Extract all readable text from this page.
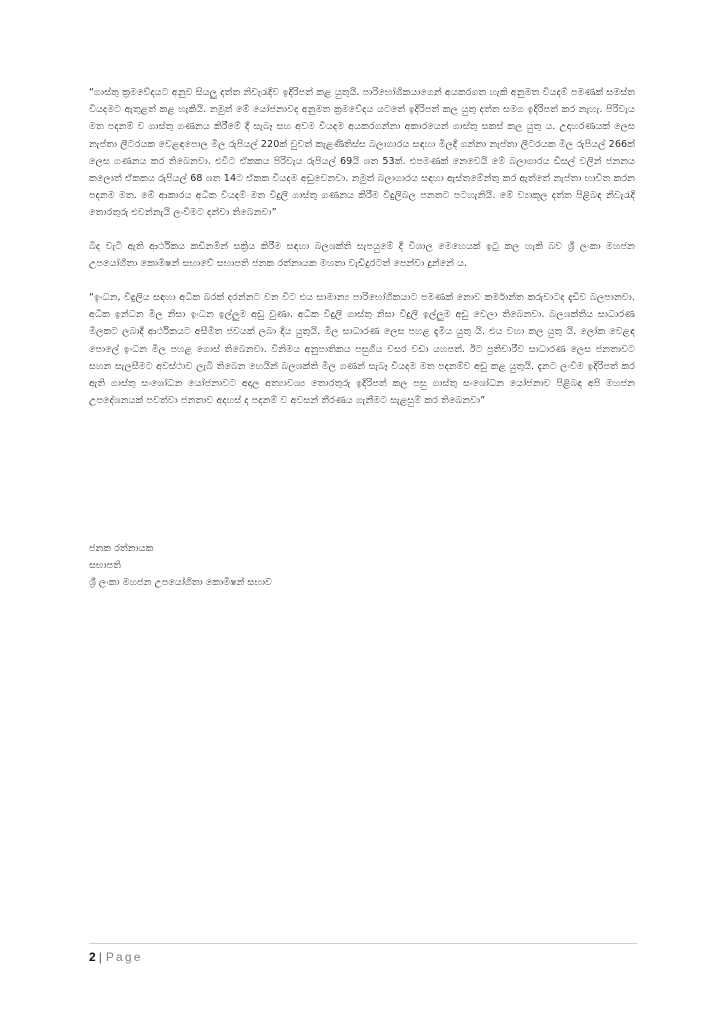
“ගාස්තු ක්‍රමවේදයට අනුව සියලු දත්ත නිවැරැදිව ඉදිරිපත් කළ යුතුයි. පාරිභෝගිකයාගෙන් අයකරගත හැකි අනුමත වියදම් පමණක් සමස්ත වියදමට ඇතුළත් කළ හැකියි. නමුත් මේ යෝජනාවද අනුමත ක්‍රමවේදය යටතේ ඉදිරිපත් කල යුතු දත්ත සමග ඉදිරිපත් කර නැහැ. පිරිවැය මත පදනම් ව ගාස්තු ගණනය කිරීමේ දී සැබෑ සහ අවම වියදම අයකරගන්නා අකාරයෙන් ගාස්තු සකස් කල යුතු ය. උදාහරණයක් ලෙස නැප්තා ලීටරයක වෙළඳපොල මිල රුපියල් 220ක් වුවත් කැළණිතිස්ස බලාගාරය සඳහා මිලදී ගන්නා නැප්තා ලීටරයක මිල රුපියල් 266ක් ලෙස ගණනය කර තිබෙනවා. එවිට ඒකකය පිරිවැය රුපියල් 69යි ශත 53ක්. එපමණක් නෙවෙයි මේ බලාගාරය ඩීසල් වලින් ජනනය කලොත් ඒකකය රුපියල් 68 ශත 14ට ඒකක වියදම අඩුවෙනවා. නමුත් බලාගාරය සඳහා ඇස්තමේන්තු කර ඇත්තේ නැප්තා භාවිත කරන පදනම මත. මේ ආකාරය අධික වියදම් මත විදුලි ගාස්තු ගණනය කිරීම විදුලිබල පනතට පටහැනියි. මේ ව්‍යාකූල දත්ත පිළිබඳ නිවැරැදි තොරතුරු එවන්නැයි ලංවිමට දන්වා තිබෙනවා”

බිද වැටී ඇති ආර්ථිකය කඩිනමින් සක්‍රිය කිරීම සඳහා බලශක්ති සැපයුමේ දී විශාල මෙහෙයක් ඉටු කල හැකි බව ශ්‍රී ලංකා මහජන උපයෝගිතා කොමිෂන් සභාවේ සභාපති ජනක රත්නායක මහතා වැඩිදුරටත් පෙන්වා දුන්නේ ය.

“ඉංධන, විදුලිය සඳහා අධික බරක් දරන්නට වන විට එය සාමාන්‍ය පාරිභෝගිකයාට පමණක් නොව කර්මාන්ත කරුවාටද දැඩිව බලපානවා. අධික ඉන්ධන මිල නිසා ඉංධන ඉල්ලුම අඩු වුණා. අධික විදුලි ගාස්තු නිසා විදුලි ඉල්ලුම අඩු වෙලා තිබෙනවා. බලශක්තිය සාධාරණ මිලකට ලබාදී ආර්ථිකයට අසීමිත ජවයක් ලබා දිය යුතුයි. මිල සාධාරණ ලෙස පහළ දැමිය යුතු යි. එය වහා කල යුතු යි. ලෝක වෙළඳ පොලේ ඉංධන මිල පහළ ගොස් තිබෙනවා. විනිමය අනුපාතිකය පසුගිය වසර වඩා යහපත්. ඊට ප්‍රතිචාරීව සාධාරණ ලෙස ජනතාවට සහන සැලසීමට අවස්ථාව ලැබී තිබෙන හෙයින් බලශක්ති මිල ගණන් සැබෑ වියදම මත පදනම්ව අඩු කළ යුතුයි. දැනට ලංවිම ඉදිරිපත් කර ඇති ගාස්තු සංශෝධන යෝජනාවට අදාල අත්‍යාවශ්‍ය තොරතුරු ඉදිරිපත් කල පසු ගාස්තු සංශෝධන යෝජනාව පිළිබඳ අපි මහජන උපදේශනයක් පවත්වා ජනතාව අදහස් ද පදනම් ව අවසන් තීරණය ගැනීමට සැළසුම් කර තිබෙනවා”

ජනක රත්නායක

සභාපති

ශ්‍රී ලංකා මහජන උපයෝගිතා කොමිෂන් සභාව

2 | Page
